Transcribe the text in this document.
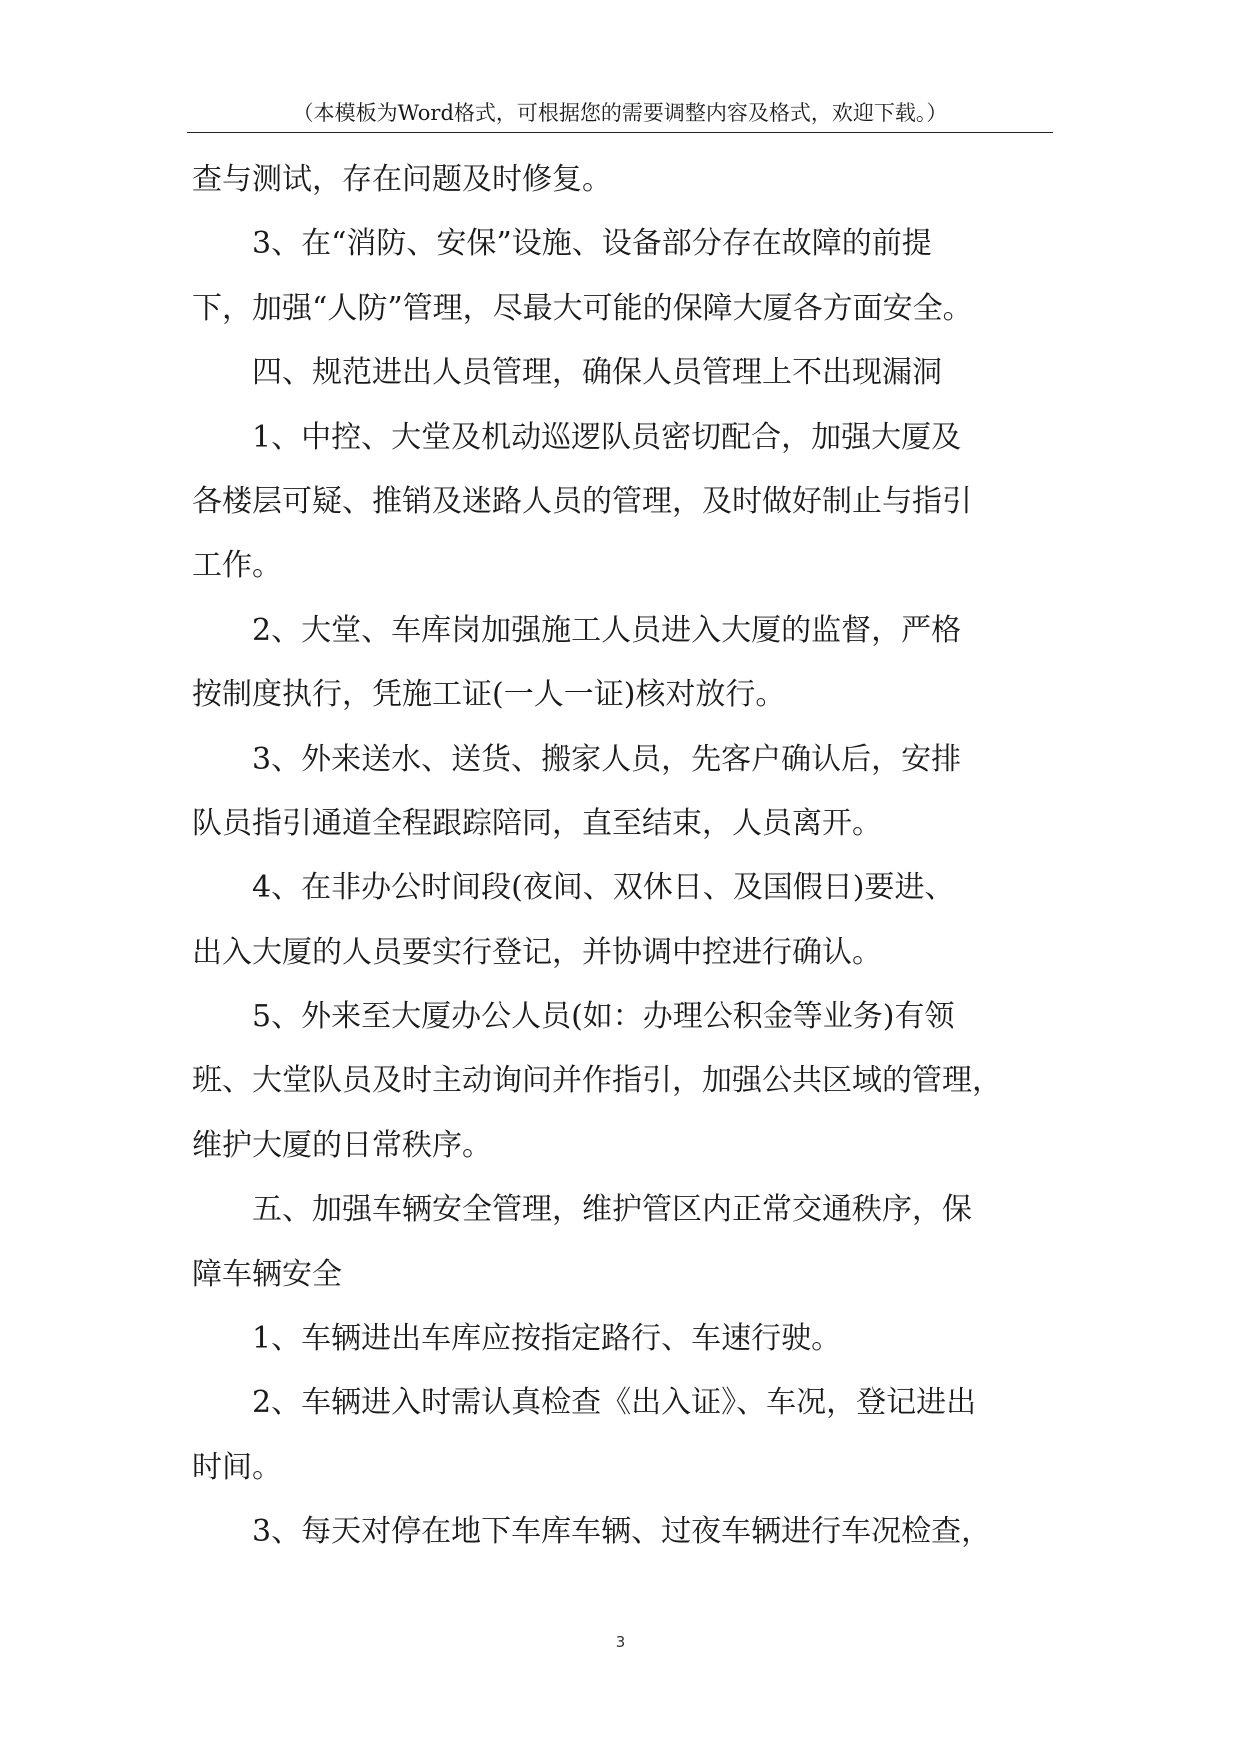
（本模板为Word格式，可根据您的需要调整内容及格式，欢迎下载。）
查与测试，存在问题及时修复。
3、在“消防、安保”设施、设备部分存在故障的前提
下，加强“人防”管理，尽最大可能的保障大厦各方面安全。
四、规范进出人员管理，确保人员管理上不出现漏洞
1、中控、大堂及机动巡逻队员密切配合，加强大厦及
各楼层可疑、推销及迷路人员的管理，及时做好制止与指引
工作。
2、大堂、车库岗加强施工人员进入大厦的监督，严格
按制度执行，凭施工证(一人一证)核对放行。
3、外来送水、送货、搬家人员，先客户确认后，安排
队员指引通道全程跟踪陪同，直至结束，人员离开。
4、在非办公时间段(夜间、双休日、及国假日)要进、
出入大厦的人员要实行登记，并协调中控进行确认。
5、外来至大厦办公人员(如：办理公积金等业务)有领
班、大堂队员及时主动询问并作指引，加强公共区域的管理，
维护大厦的日常秩序。
五、加强车辆安全管理，维护管区内正常交通秩序，保
障车辆安全
1、车辆进出车库应按指定路行、车速行驶。
2、车辆进入时需认真检查《出入证》、车况，登记进出
时间。
3、每天对停在地下车库车辆、过夜车辆进行车况检查，
3
